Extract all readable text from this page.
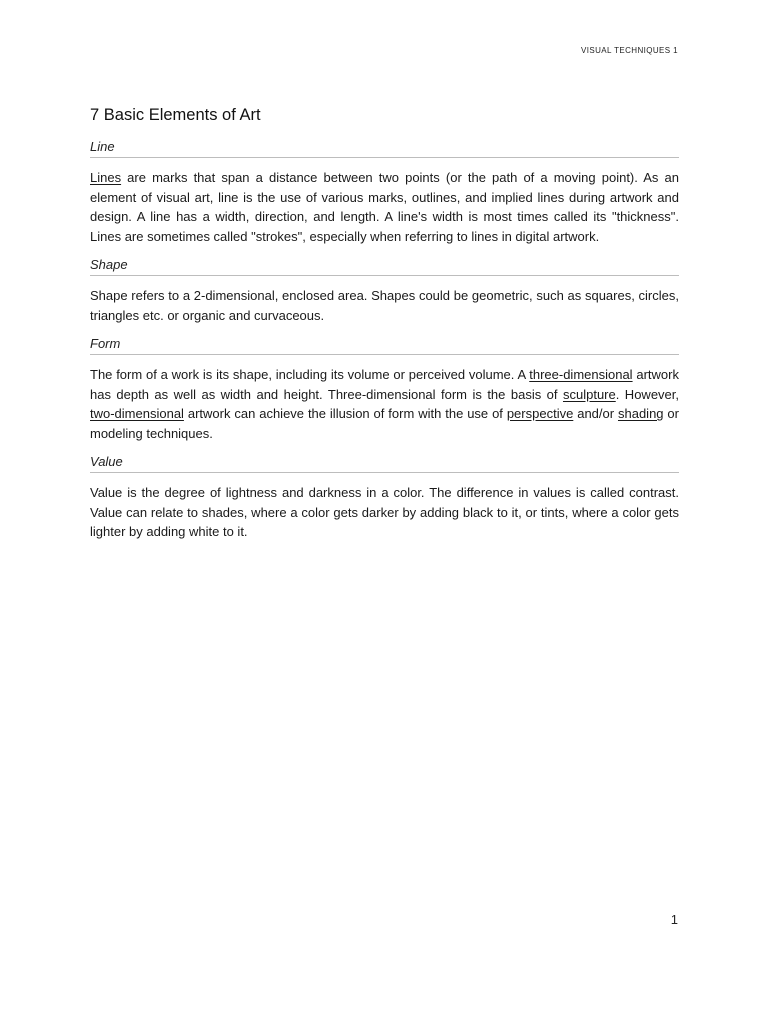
VISUAL TECHNIQUES 1
7 Basic Elements of Art
Line

Lines are marks that span a distance between two points (or the path of a moving point). As an element of visual art, line is the use of various marks, outlines, and implied lines during artwork and design. A line has a width, direction, and length. A line's width is most times called its "thickness". Lines are sometimes called "strokes", especially when referring to lines in digital artwork.

Shape

Shape refers to a 2-dimensional, enclosed area. Shapes could be geometric, such as squares, circles, triangles etc. or organic and curvaceous.

Form

The form of a work is its shape, including its volume or perceived volume. A three-dimensional artwork has depth as well as width and height. Three-dimensional form is the basis of sculpture. However, two-dimensional artwork can achieve the illusion of form with the use of perspective and/or shading or modeling techniques.

Value

Value is the degree of lightness and darkness in a color. The difference in values is called contrast. Value can relate to shades, where a color gets darker by adding black to it, or tints, where a color gets lighter by adding white to it.

1
